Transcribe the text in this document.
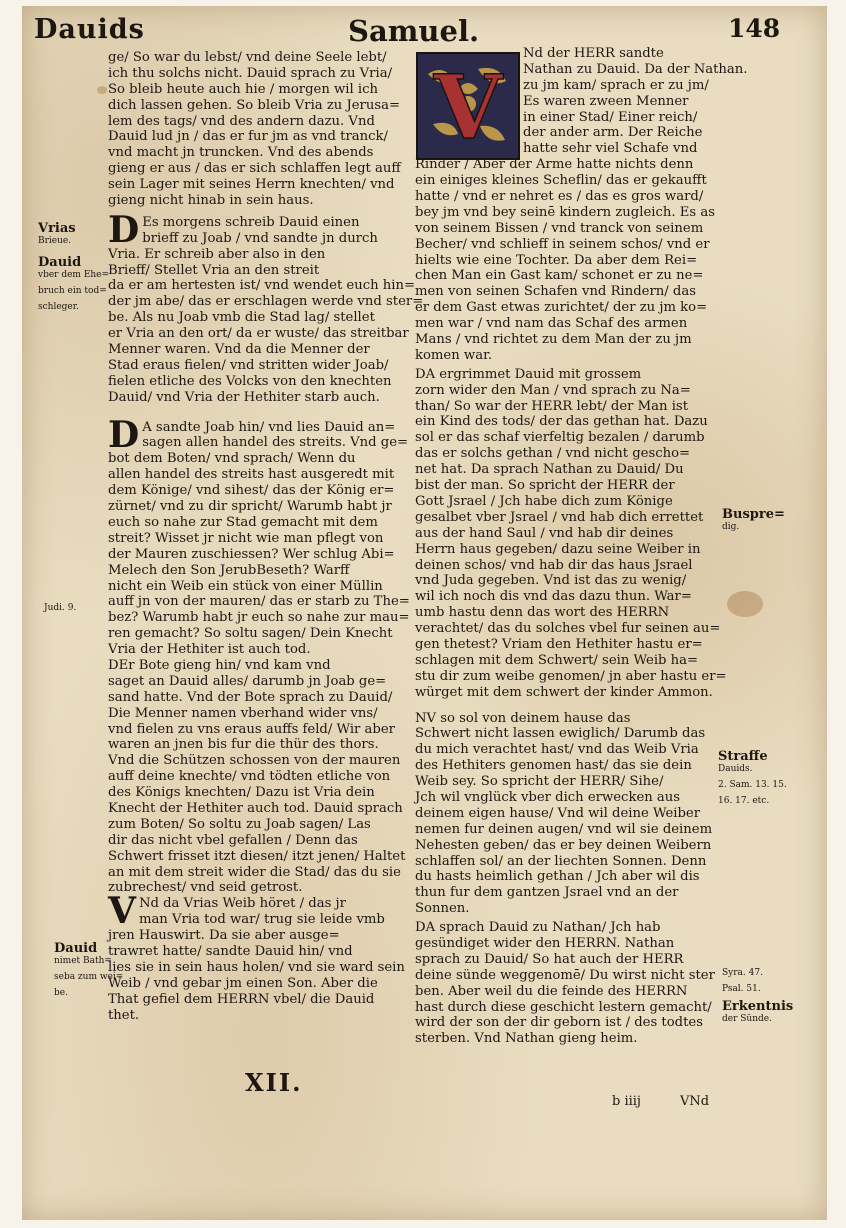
Dauids	Samuel.	148
ge/ So war du lebst/ vnd deine Seele lebt/
ich thu solchs nicht. Dauid sprach zu Vria/
So bleib heute auch hie / morgen wil ich
dich lassen gehen. So bleib Vria zu Jerusa=
lem des tags/ vnd des andern dazu. Vnd
Dauid lud jn / das er fur jm as vnd tranck/
vnd macht jn truncken. Vnd des abends
gieng er aus / das er sich schlaffen legt auff
sein Lager mit seines Herrn knechten/ vnd
gieng nicht hinab in sein haus.
D Es morgens schreib Dauid einen
brieff zu Joab / vnd sandte jn durch
Vria. Er schreib aber also in den
Brieff/ Stellet Vria an den streit
da er am hertesten ist/ vnd wendet euch hin=
der jm abe/ das er erschlagen werde vnd ster=
be. Als nu Joab vmb die Stad lag/ stellet
er Vria an den ort/ da er wuste/ das streitbar
Menner waren. Vnd da die Menner der
Stad eraus fielen/ vnd stritten wider Joab/
fielen etliche des Volcks von den knechten
Dauid/ vnd Vria der Hethiter starb auch.
D A sandte Joab hin/ vnd lies Dauid an=
sagen allen handel des streits. Vnd ge=
bot dem Boten/ vnd sprach/ Wenn du
allen handel des streits hast ausgeredt mit
dem Könige/ vnd sihest/ das der König er=
zürnet/ vnd zu dir spricht/ Warumb habt jr
euch so nahe zur Stad gemacht mit dem
streit? Wisset jr nicht wie man pflegt von
der Mauren zuschiessen? Wer schlug Abi=
Melech den Son JerubBeseth? Warff
nicht ein Weib ein stück von einer Müllin
auff jn von der mauren/ das er starb zu The=
bez? Warumb habt jr euch so nahe zur mau=
ren gemacht? So soltu sagen/ Dein Knecht
Vria der Hethiter ist auch tod.
DEr Bote gieng hin/ vnd kam vnd
saget an Dauid alles/ darumb jn Joab ge=
sand hatte. Vnd der Bote sprach zu Dauid/
Die Menner namen vberhand wider vns/
vnd fielen zu vns eraus auffs feld/ Wir aber
waren an jnen bis fur die thür des thors.
Vnd die Schützen schossen von der mauren
auff deine knechte/ vnd tödten etliche von
des Königs knechten/ Dazu ist Vria dein
Knecht der Hethiter auch tod. Dauid sprach
zum Boten/ So soltu zu Joab sagen/ Las
dir das nicht vbel gefallen / Denn das
Schwert frisset itzt diesen/ itzt jenen/ Haltet
an mit dem streit wider die Stad/ das du sie
zubrechest/ vnd seid getrost.
V Nd da Vrias Weib höret / das jr
man Vria tod war/ trug sie leide vmb
jren Hauswirt. Da sie aber ausge=
trawret hatte/ sandte Dauid hin/ vnd
lies sie in sein haus holen/ vnd sie ward sein
Weib / vnd gebar jm einen Son. Aber die
That gefiel dem HERRN vbel/ die Dauid
thet.
XII.
V
Nd der HERR sandte
Nathan zu Dauid. Da der Nathan.
zu jm kam/ sprach er zu jm/
Es waren zween Menner
in einer Stad/ Einer reich/
der ander arm. Der Reiche
hatte sehr viel Schafe vnd
Rinder / Aber der Arme hatte nichts denn
ein einiges kleines Scheflin/ das er gekaufft
hatte / vnd er nehret es / das es gros ward/
bey jm vnd bey seinē kindern zugleich. Es as
von seinem Bissen / vnd tranck von seinem
Becher/ vnd schlieff in seinem schos/ vnd er
hielts wie eine Tochter. Da aber dem Rei=
chen Man ein Gast kam/ schonet er zu ne=
men von seinen Schafen vnd Rindern/ das
er dem Gast etwas zurichtet/ der zu jm ko=
men war / vnd nam das Schaf des armen
Mans / vnd richtet zu dem Man der zu jm
komen war.
DA ergrimmet Dauid mit grossem
zorn wider den Man / vnd sprach zu Na=
than/ So war der HERR lebt/ der Man ist
ein Kind des tods/ der das gethan hat. Dazu
sol er das schaf vierfeltig bezalen / darumb
das er solchs gethan / vnd nicht gescho=
net hat. Da sprach Nathan zu Dauid/ Du
bist der man. So spricht der HERR der
Gott Jsrael / Jch habe dich zum Könige
gesalbet vber Jsrael / vnd hab dich errettet
aus der hand Saul / vnd hab dir deines
Herrn haus gegeben/ dazu seine Weiber in
deinen schos/ vnd hab dir das haus Jsrael
vnd Juda gegeben. Vnd ist das zu wenig/
wil ich noch dis vnd das dazu thun. War=
umb hastu denn das wort des HERRN
verachtet/ das du solches vbel fur seinen au=
gen thetest? Vriam den Hethiter hastu er=
schlagen mit dem Schwert/ sein Weib ha=
stu dir zum weibe genomen/ jn aber hastu er=
würget mit dem schwert der kinder Ammon.
NV so sol von deinem hause das
Schwert nicht lassen ewiglich/ Darumb das
du mich verachtet hast/ vnd das Weib Vria
des Hethiters genomen hast/ das sie dein
Weib sey. So spricht der HERR/ Sihe/
Jch wil vnglück vber dich erwecken aus
deinem eigen hause/ Vnd wil deine Weiber
nemen fur deinen augen/ vnd wil sie deinem
Nehesten geben/ das er bey deinen Weibern
schlaffen sol/ an der liechten Sonnen. Denn
du hasts heimlich gethan / Jch aber wil dis
thun fur dem gantzen Jsrael vnd an der
Sonnen.
DA sprach Dauid zu Nathan/ Jch hab
gesündiget wider den HERRN. Nathan
sprach zu Dauid/ So hat auch der HERR
deine sünde weggenomē/ Du wirst nicht ster
ben. Aber weil du die feinde des HERRN
hast durch diese geschicht lestern gemacht/
wird der son der dir geborn ist / des todtes
sterben. Vnd Nathan gieng heim.
b iiij	VNd
Vrias
Brieue.
Dauid
vber dem Ehe=
bruch ein tod=
schleger.
Judi. 9.
Dauid
nimet Bath=
seba zum wei=
be.
Buspre=
dig.
Straffe
Dauids.
2. Sam. 13. 15.
16. 17. etc.
Syra. 47.
Psal. 51.
Erkentnis
der Sünde.
